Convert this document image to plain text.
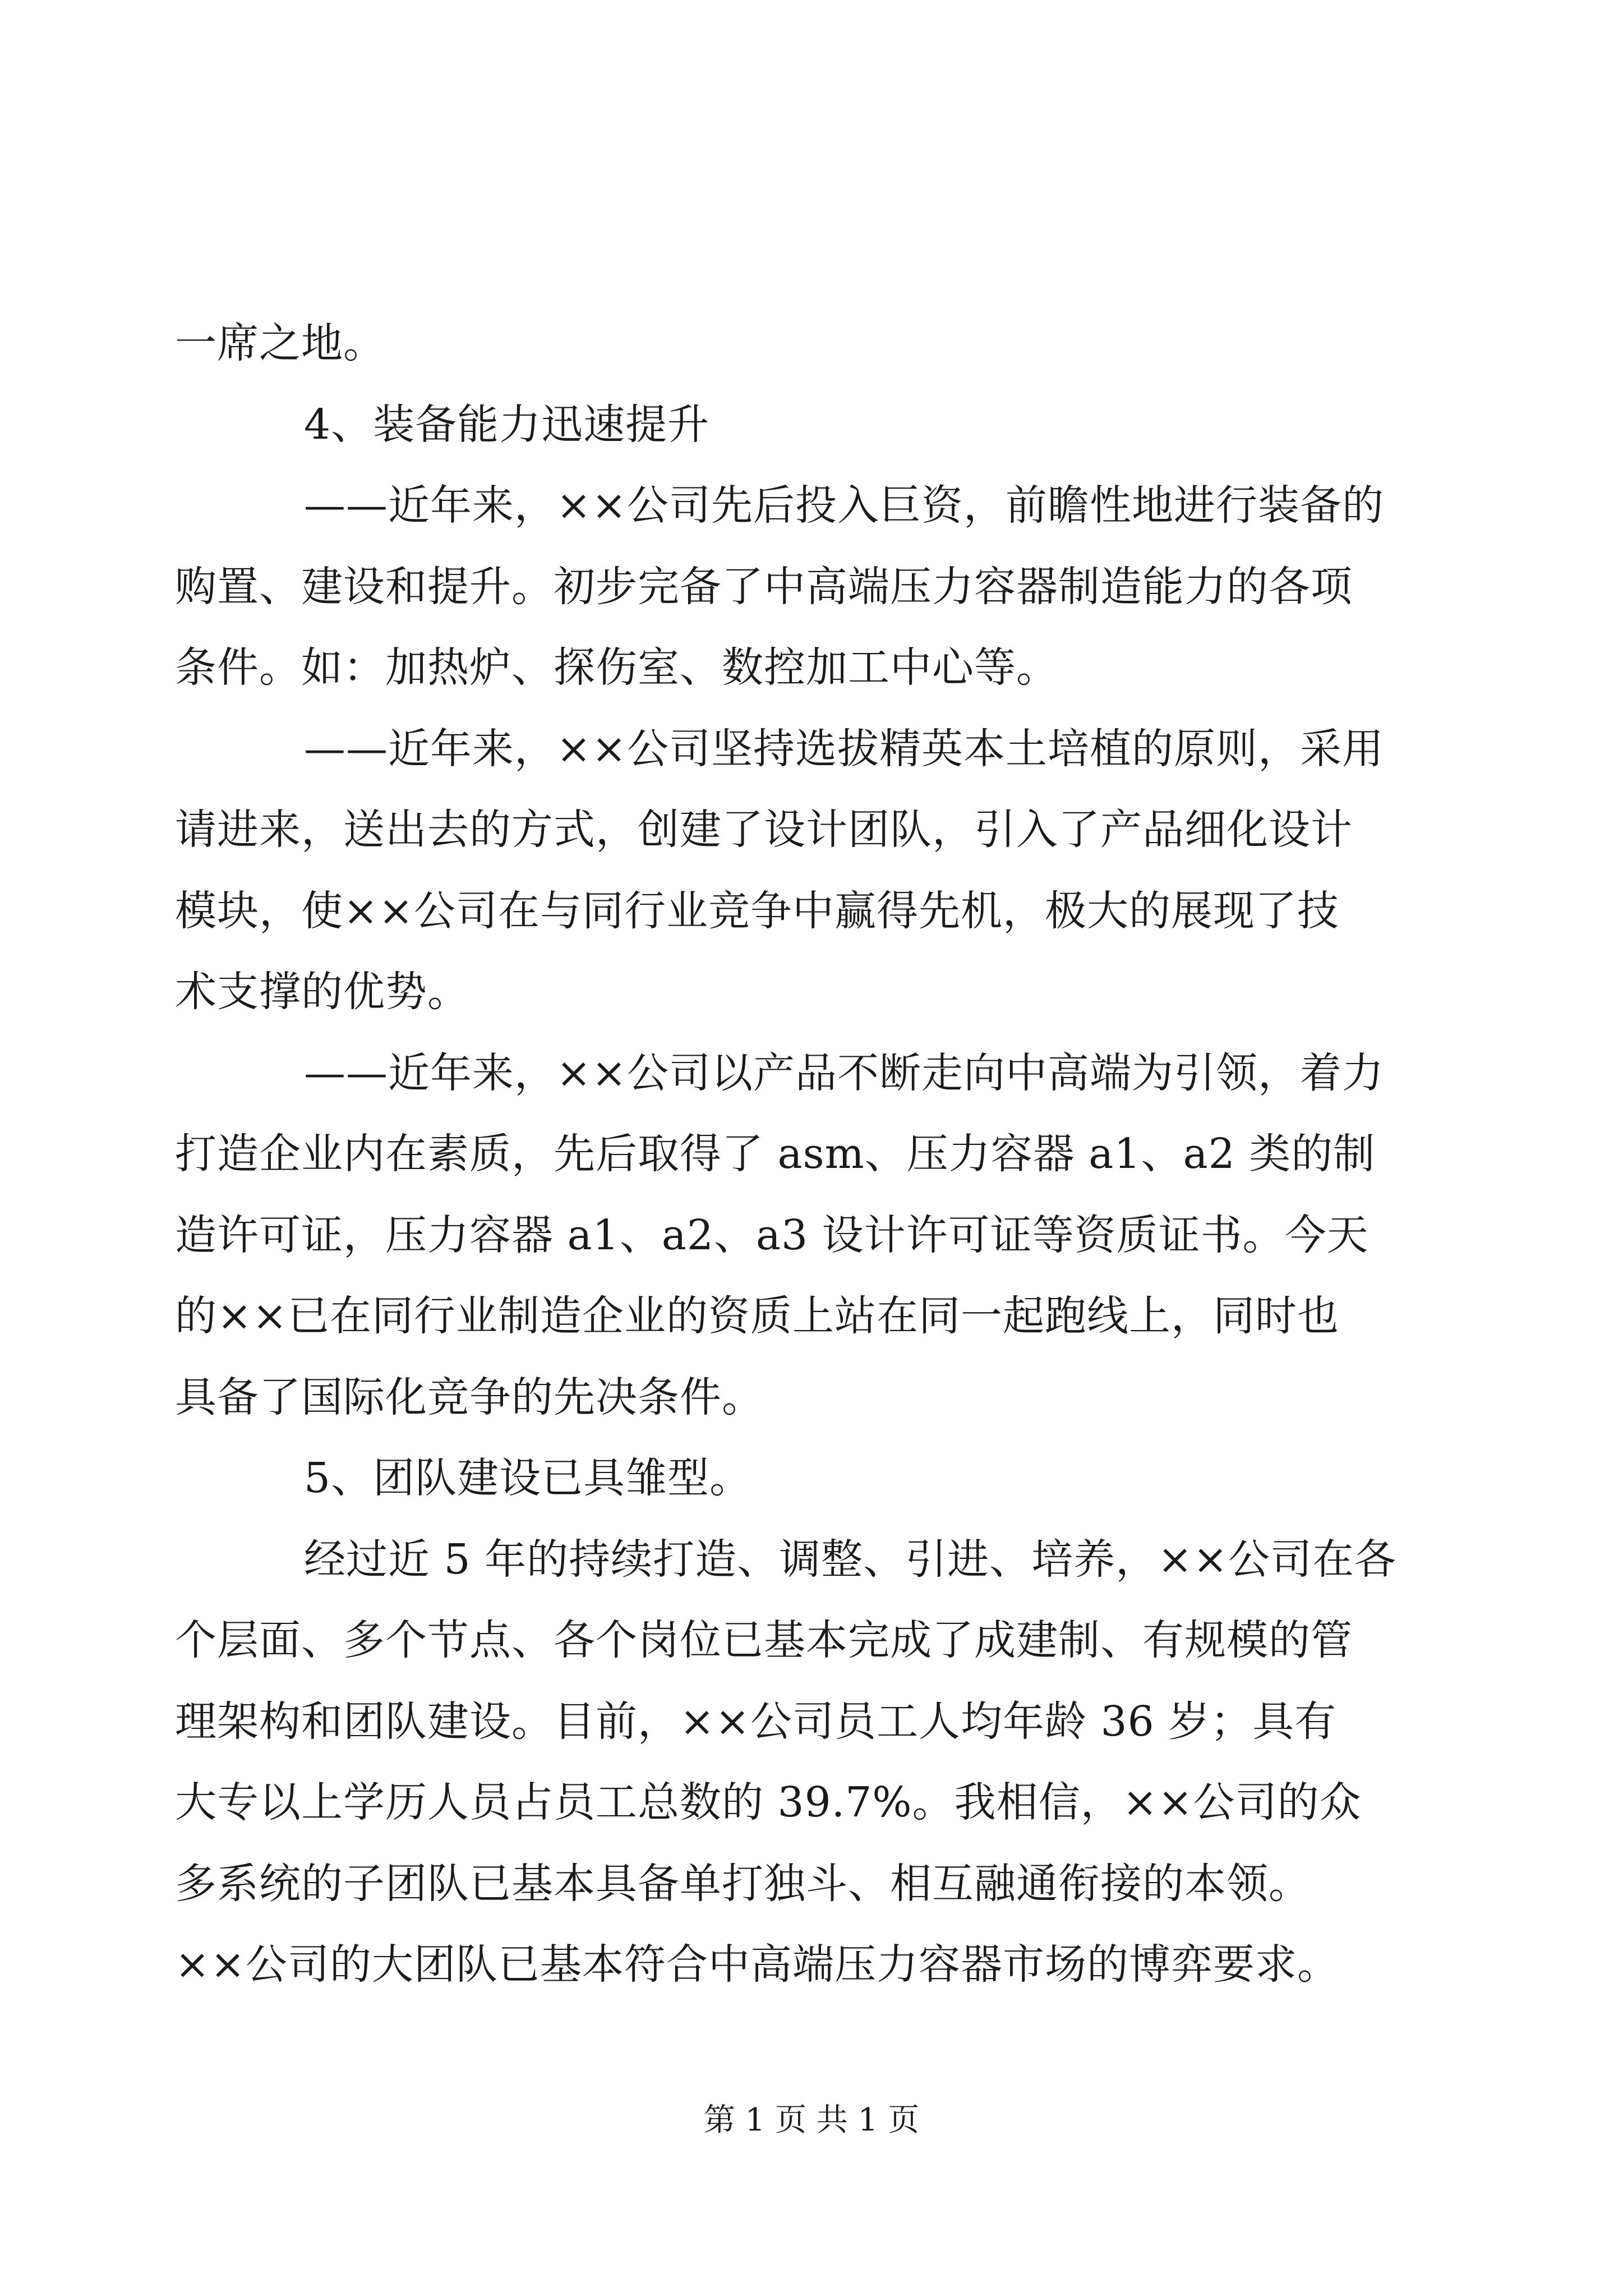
一席之地。
4、装备能力迅速提升
——近年来，××公司先后投入巨资，前瞻性地进行装备的
购置、建设和提升。初步完备了中高端压力容器制造能力的各项
条件。如：加热炉、探伤室、数控加工中心等。
——近年来，××公司坚持选拔精英本土培植的原则，采用
请进来，送出去的方式，创建了设计团队，引入了产品细化设计
模块，使××公司在与同行业竞争中赢得先机，极大的展现了技
术支撑的优势。
——近年来，××公司以产品不断走向中高端为引领，着力
打造企业内在素质，先后取得了 asm、压力容器 a1、a2 类的制
造许可证，压力容器 a1、a2、a3 设计许可证等资质证书。今天
的××已在同行业制造企业的资质上站在同一起跑线上，同时也
具备了国际化竞争的先决条件。
5、团队建设已具雏型。
经过近 5 年的持续打造、调整、引进、培养，××公司在各
个层面、多个节点、各个岗位已基本完成了成建制、有规模的管
理架构和团队建设。目前，××公司员工人均年龄 36 岁；具有
大专以上学历人员占员工总数的 39.7%。我相信，××公司的众
多系统的子团队已基本具备单打独斗、相互融通衔接的本领。
××公司的大团队已基本符合中高端压力容器市场的博弈要求。
第 1 页 共 1 页
